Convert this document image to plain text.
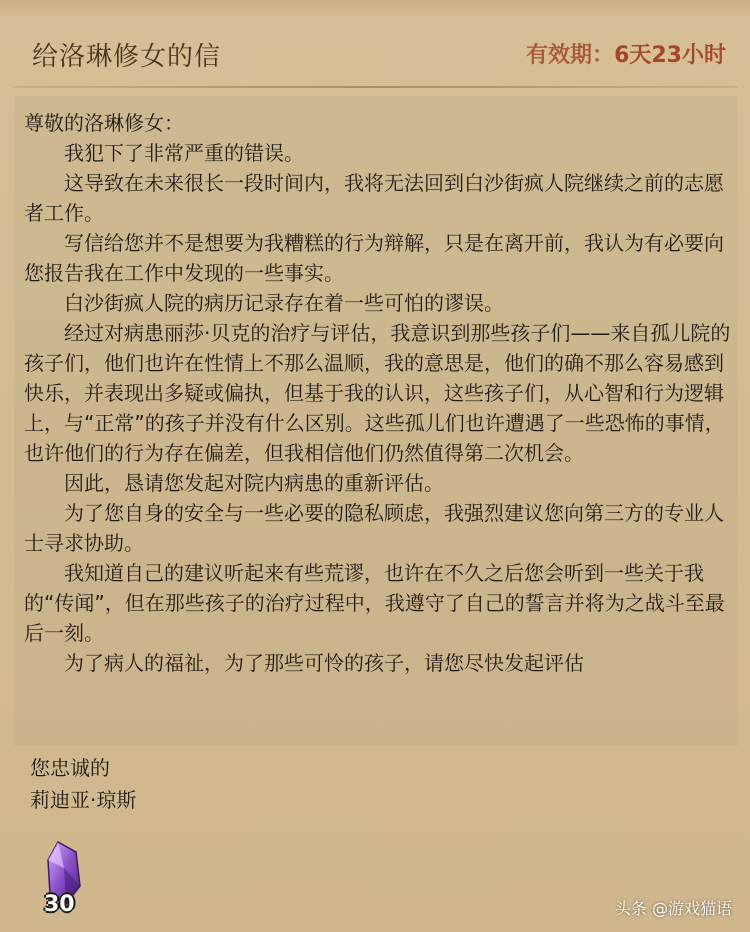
给洛琳修女的信	有效期：6天23小时

尊敬的洛琳修女：

我犯下了非常严重的错误。

这导致在未来很长一段时间内，我将无法回到白沙街疯人院继续之前的志愿者工作。

写信给您并不是想要为我糟糕的行为辩解，只是在离开前，我认为有必要向您报告我在工作中发现的一些事实。

白沙街疯人院的病历记录存在着一些可怕的谬误。

经过对病患丽莎·贝克的治疗与评估，我意识到那些孩子们——来自孤儿院的孩子们，他们也许在性情上不那么温顺，我的意思是，他们的确不那么容易感到快乐，并表现出多疑或偏执，但基于我的认识，这些孩子们，从心智和行为逻辑上，与“正常”的孩子并没有什么区别。这些孤儿们也许遭遇了一些恐怖的事情，也许他们的行为存在偏差，但我相信他们仍然值得第二次机会。

因此，恳请您发起对院内病患的重新评估。

为了您自身的安全与一些必要的隐私顾虑，我强烈建议您向第三方的专业人士寻求协助。

我知道自己的建议听起来有些荒谬，也许在不久之后您会听到一些关于我的“传闻”，但在那些孩子的治疗过程中，我遵守了自己的誓言并将为之战斗至最后一刻。

为了病人的福祉，为了那些可怜的孩子，请您尽快发起评估

您忠诚的
莉迪亚·琼斯
30	头条 @游戏猫语
